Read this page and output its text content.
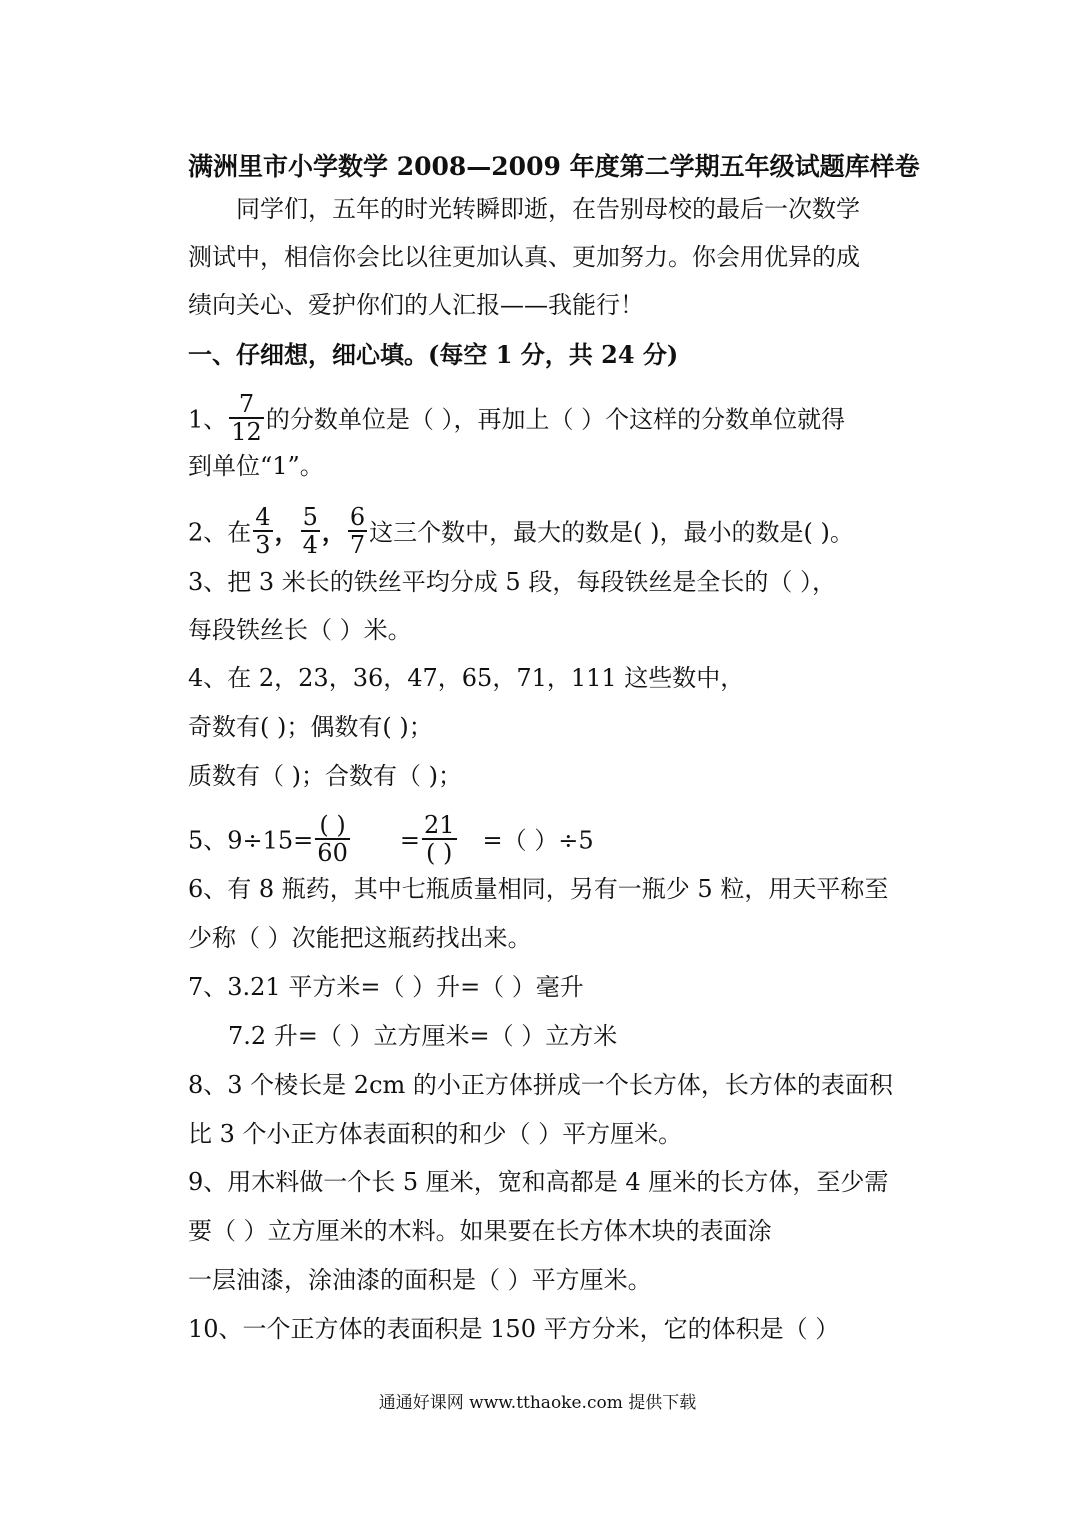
满洲里市小学数学 2008—2009 年度第二学期五年级试题库样卷
同学们，五年的时光转瞬即逝，在告别母校的最后一次数学
测试中，相信你会比以往更加认真、更加努力。你会用优异的成
绩向关心、爱护你们的人汇报——我能行！
一、仔细想，细心填。(每空 1 分，共 24 分)
1、 $\frac{7}{12}$ 的分数单位是（ ），再加上（ ）个这样的分数单位就得
到单位“1”。
2、在 $\frac{4}{3}$ ， $\frac{5}{4}$ ， $\frac{6}{7}$ 这三个数中，最大的数是( )，最小的数是( )。
3、把 3 米长的铁丝平均分成 5 段，每段铁丝是全长的（ ），
每段铁丝长（ ）米。
4、在 2，23，36，47，65，71，111 这些数中，
奇数有( )；偶数有( )；
质数有（ )；合数有（ )；
5、$9\div 15= \frac{( )}{60} = \frac{21}{( )}$ =（ ）÷5
6、有 8 瓶药，其中七瓶质量相同，另有一瓶少 5 粒，用天平称至
少称（ ）次能把这瓶药找出来。
7、3.21 平方米=（ ）升=（ ）毫升
7.2 升=（ ）立方厘米=（ ）立方米
8、3 个棱长是 2cm 的小正方体拼成一个长方体，长方体的表面积
比 3 个小正方体表面积的和少（ ）平方厘米。
9、用木料做一个长 5 厘米，宽和高都是 4 厘米的长方体，至少需
要（ ）立方厘米的木料。如果要在长方体木块的表面涂
一层油漆，涂油漆的面积是（ ）平方厘米。
10、一个正方体的表面积是 150 平方分米，它的体积是（ ）
通通好课网 www.tthaoke.com 提供下载
